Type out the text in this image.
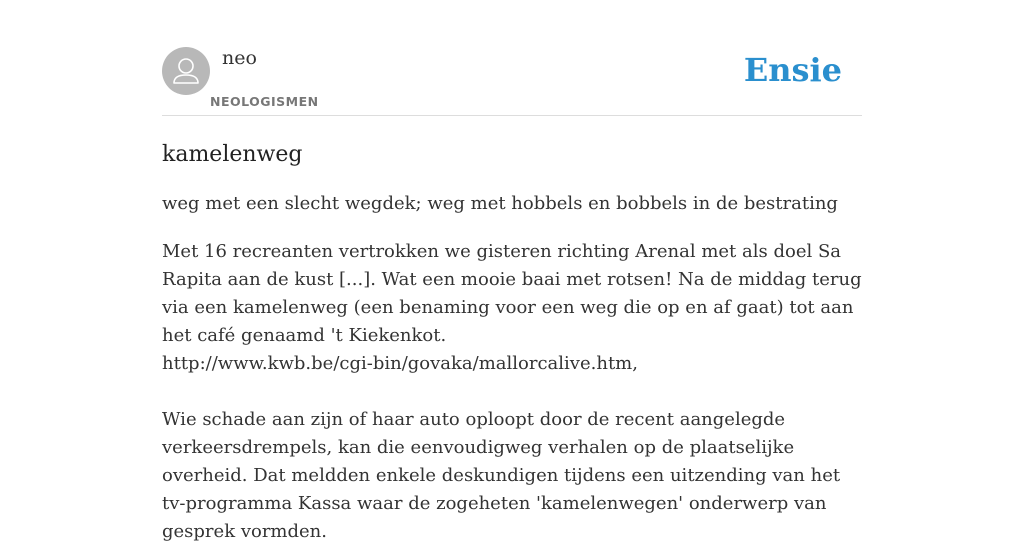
neo
NEOLOGISMEN
Ensie
kamelenweg

weg met een slecht wegdek; weg met hobbels en bobbels in de bestrating

Met 16 recreanten vertrokken we gisteren richting Arenal met als doel Sa Rapita aan de kust [...]. Wat een mooie baai met rotsen! Na de middag terug via een kamelenweg (een benaming voor een weg die op en af gaat) tot aan het café genaamd 't Kiekenkot.
http://www.kwb.be/cgi-bin/govaka/mallorcalive.htm,

Wie schade aan zijn of haar auto oploopt door de recent aangelegde verkeersdrempels, kan die eenvoudigweg verhalen op de plaatselijke overheid. Dat meldden enkele deskundigen tijdens een uitzending van het tv-programma Kassa waar de zogeheten 'kamelenwegen' onderwerp van gesprek vormden.
